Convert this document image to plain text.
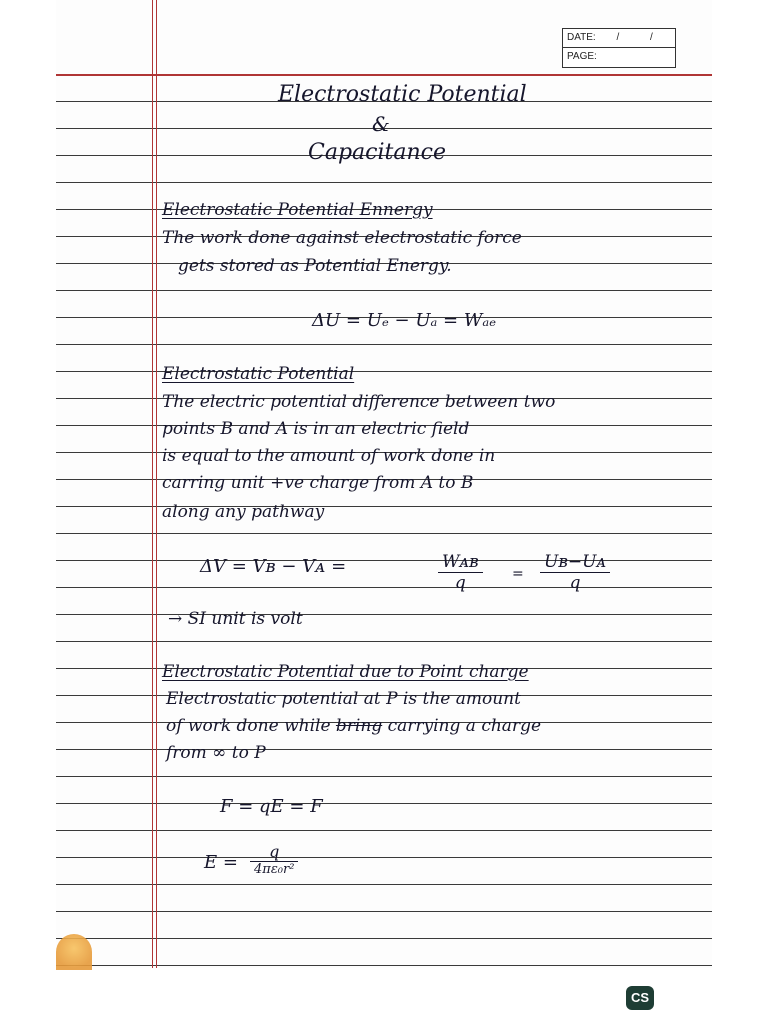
DATE: / /
PAGE:
Electrostatic Potential
&
Capacitance
Electrostatic Potential Ennergy
The work done against electrostatic force
gets stored as Potential Energy.
ΔU = Uₑ − Uₐ = Wₐₑ
Electrostatic Potential
The electric potential difference between two
points B and A is in an electric field
is equal to the amount of work done in
carring unit +ve charge from A to B
along any pathway
ΔV = Vʙ − Vᴀ =	Wᴀʙ
q	= $\frac{\text{Uʙ−Uᴀ}}{q}$
→ SI unit is volt
Electrostatic Potential due to Point charge
Electrostatic potential at P is the amount
of work done while bring carrying a charge
from ∞ to P
F = qE = F
E =
q
4πε₀r²
CS
